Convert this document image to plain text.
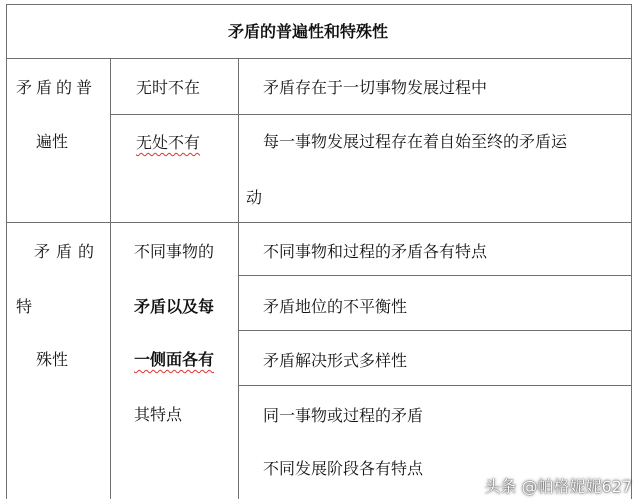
矛盾的普遍性和特殊性
矛盾的普
遍性
无时不在	矛盾存在于一切事物发展过程中
无处不有	每一事物发展过程存在着自始至终的矛盾运
动
矛盾的
特
殊性
不同事物的
矛盾以及每
一侧面各有
其特点
不同事物和过程的矛盾各有特点
矛盾地位的不平衡性
矛盾解决形式多样性
同一事物或过程的矛盾
不同发展阶段各有特点
头条 @帕格妮妮627
